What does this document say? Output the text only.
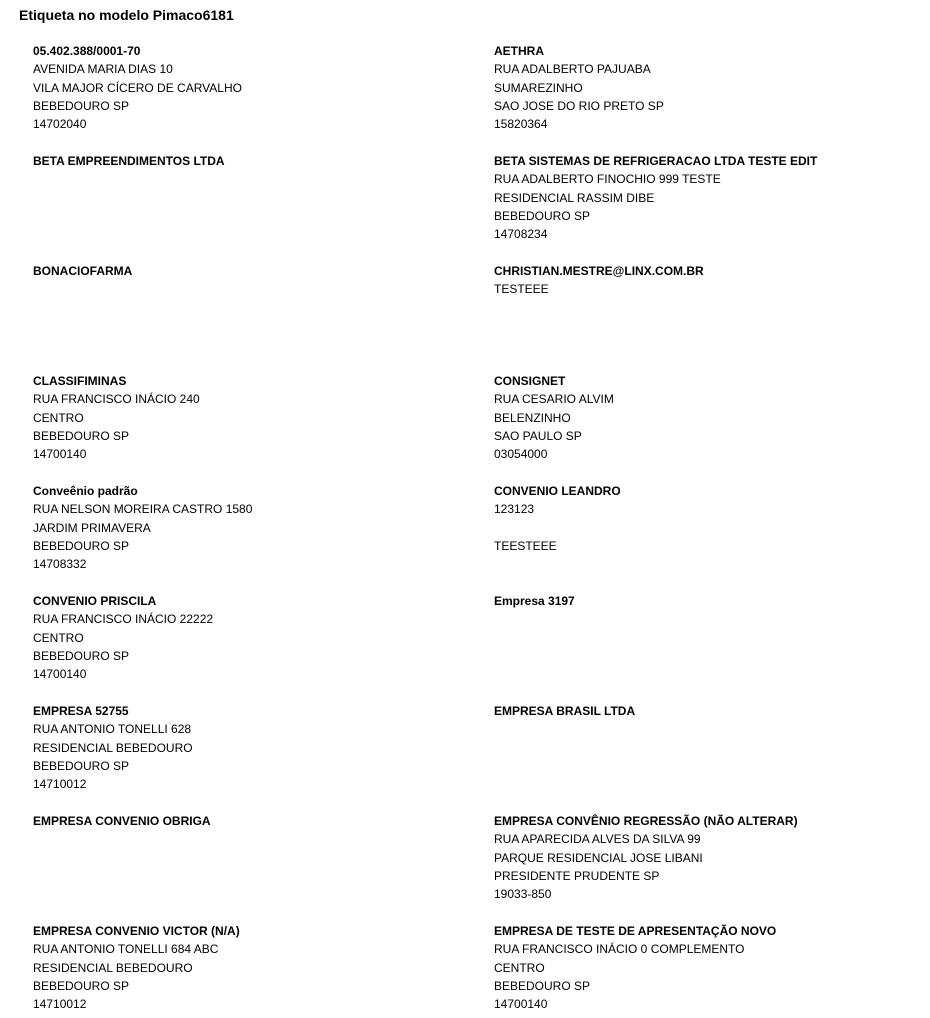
Etiqueta no modelo Pimaco6181
05.402.388/0001-70
AVENIDA MARIA DIAS 10
VILA MAJOR CÍCERO DE CARVALHO
BEBEDOURO SP
14702040
AETHRA
RUA ADALBERTO PAJUABA
SUMAREZINHO
SAO JOSE DO RIO PRETO SP
15820364
BETA EMPREENDIMENTOS LTDA	BETA SISTEMAS DE REFRIGERACAO LTDA TESTE EDIT
RUA ADALBERTO FINOCHIO 999 TESTE
RESIDENCIAL RASSIM DIBE
BEBEDOURO SP
14708234
BONACIOFARMA	CHRISTIAN.MESTRE@LINX.COM.BR
TESTEEE
CLASSIFIMINAS
RUA FRANCISCO INÁCIO 240
CENTRO
BEBEDOURO SP
14700140
CONSIGNET
RUA CESARIO ALVIM
BELENZINHO
SAO PAULO SP
03054000
Conveênio padrão
RUA NELSON MOREIRA CASTRO 1580
JARDIM PRIMAVERA
BEBEDOURO SP
14708332
CONVENIO LEANDRO
123123
TEESTEEE
CONVENIO PRISCILA
RUA FRANCISCO INÁCIO 22222
CENTRO
BEBEDOURO SP
14700140
Empresa 3197
EMPRESA 52755
RUA ANTONIO TONELLI 628
RESIDENCIAL BEBEDOURO
BEBEDOURO SP
14710012
EMPRESA BRASIL LTDA
EMPRESA CONVENIO OBRIGA	EMPRESA CONVÊNIO REGRESSÃO (NÃO ALTERAR)
RUA APARECIDA ALVES DA SILVA 99
PARQUE RESIDENCIAL JOSE LIBANI
PRESIDENTE PRUDENTE SP
19033-850
EMPRESA CONVENIO VICTOR (N/A)
RUA ANTONIO TONELLI 684 ABC
RESIDENCIAL BEBEDOURO
BEBEDOURO SP
14710012
EMPRESA DE TESTE DE APRESENTAÇÃO NOVO
RUA FRANCISCO INÁCIO 0 COMPLEMENTO
CENTRO
BEBEDOURO SP
14700140
